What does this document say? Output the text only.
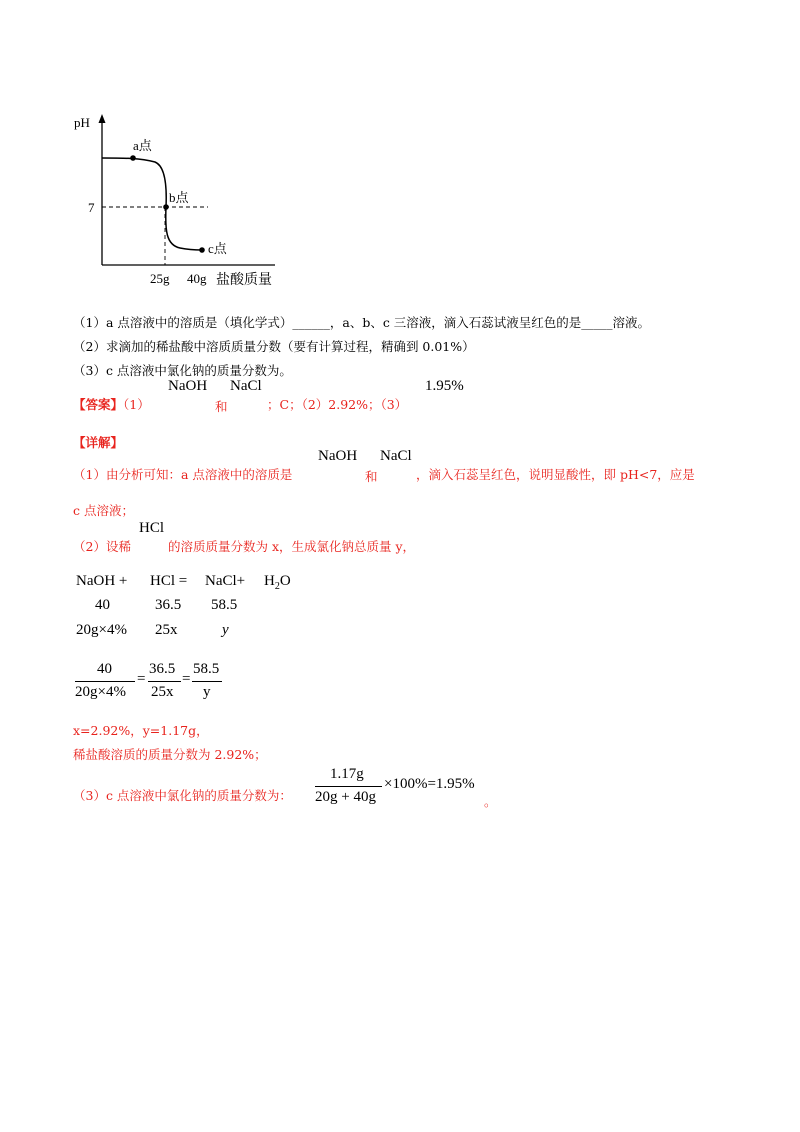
pH
7
a点
b点
c点
25g 40g 盐酸质量
（1）a 点溶液中的溶质是（填化学式）______，a、b、c 三溶液，滴入石蕊试液呈红色的是_____溶液。
（2）求滴加的稀盐酸中溶质质量分数（要有计算过程，精确到 0.01%）
（3）c 点溶液中氯化钠的质量分数为。
【答案】（1）
NaOH
和
NaCl
；C；（2）2.92%；（3）
1.95%
【详解】
（1）由分析可知：a 点溶液中的溶质是
NaOH
和
NaCl
，滴入石蕊呈红色，说明显酸性，即 pH<7，应是
c 点溶液；
（2）设稀
HCl
的溶质质量分数为 x，生成氯化钠总质量 y，
NaOH + HCl = NaCl+ $H_2O$
40	36.5 58.5
20g×4% 25x	y
40
20g×4%
=
36.5
25x
=
58.5
y
x=2.92%，y=1.17g，
稀盐酸溶质的质量分数为 2.92%；
（3）c 点溶液中氯化钠的质量分数为：
1.17g
20g + 40g
×100%=1.95%
。
